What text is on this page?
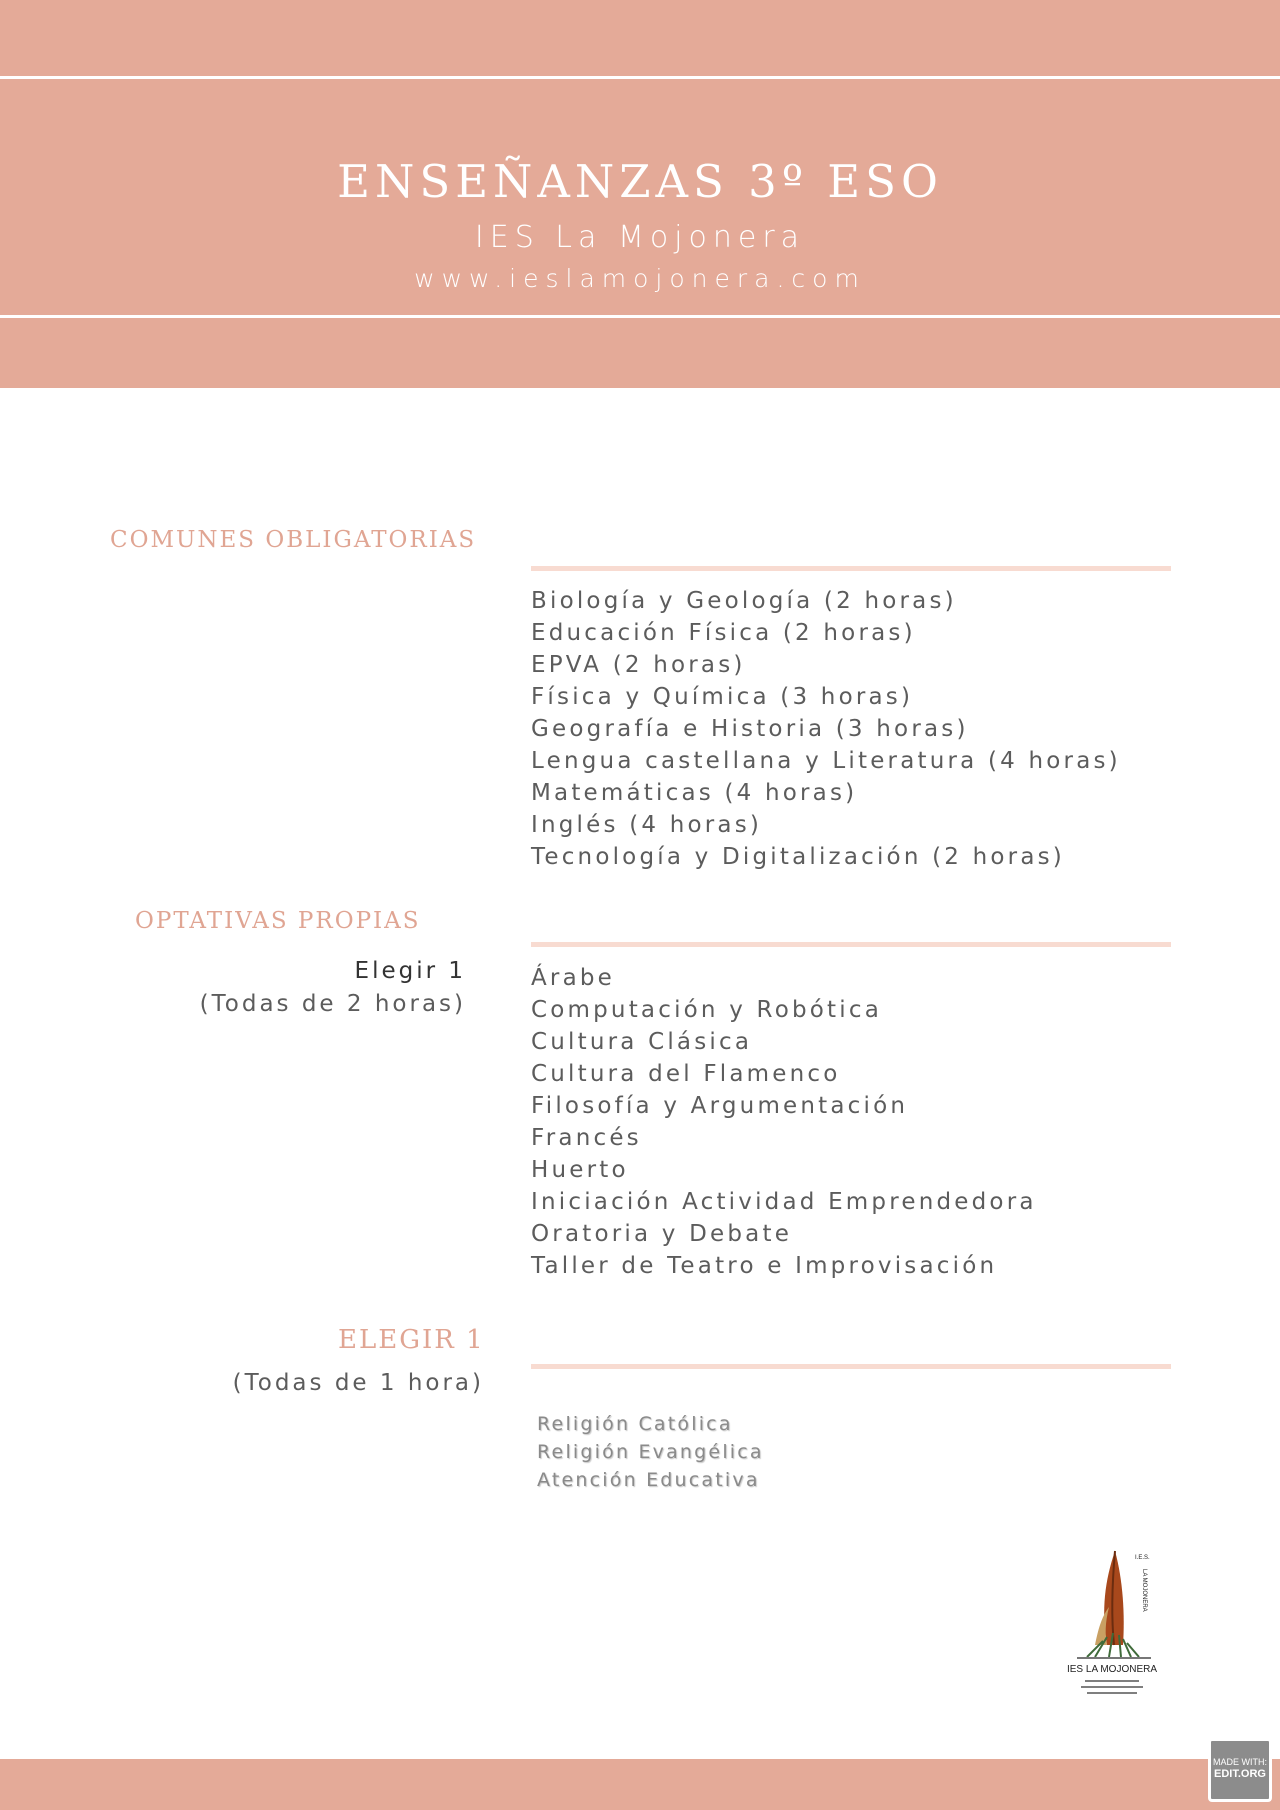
ENSEÑANZAS 3º ESO
IES La Mojonera
www.ieslamojonera.com
COMUNES OBLIGATORIAS
Biología y Geología (2 horas)
Educación Física (2 horas)
EPVA (2 horas)
Física y Química (3 horas)
Geografía e Historia (3 horas)
Lengua castellana y Literatura (4 horas)
Matemáticas (4 horas)
Inglés (4 horas)
Tecnología y Digitalización (2 horas)
OPTATIVAS PROPIAS
Elegir 1
(Todas de 2 horas)
Árabe
Computación y Robótica
Cultura Clásica
Cultura del Flamenco
Filosofía y Argumentación
Francés
Huerto
Iniciación Actividad Emprendedora
Oratoria y Debate
Taller de Teatro e Improvisación
ELEGIR 1
(Todas de 1 hora)
Religión Católica
Religión Evangélica
Atención Educativa
I.E.S.
LA MOJONERA
IES LA MOJONERA
MADE WITH:
EDIT.ORG
